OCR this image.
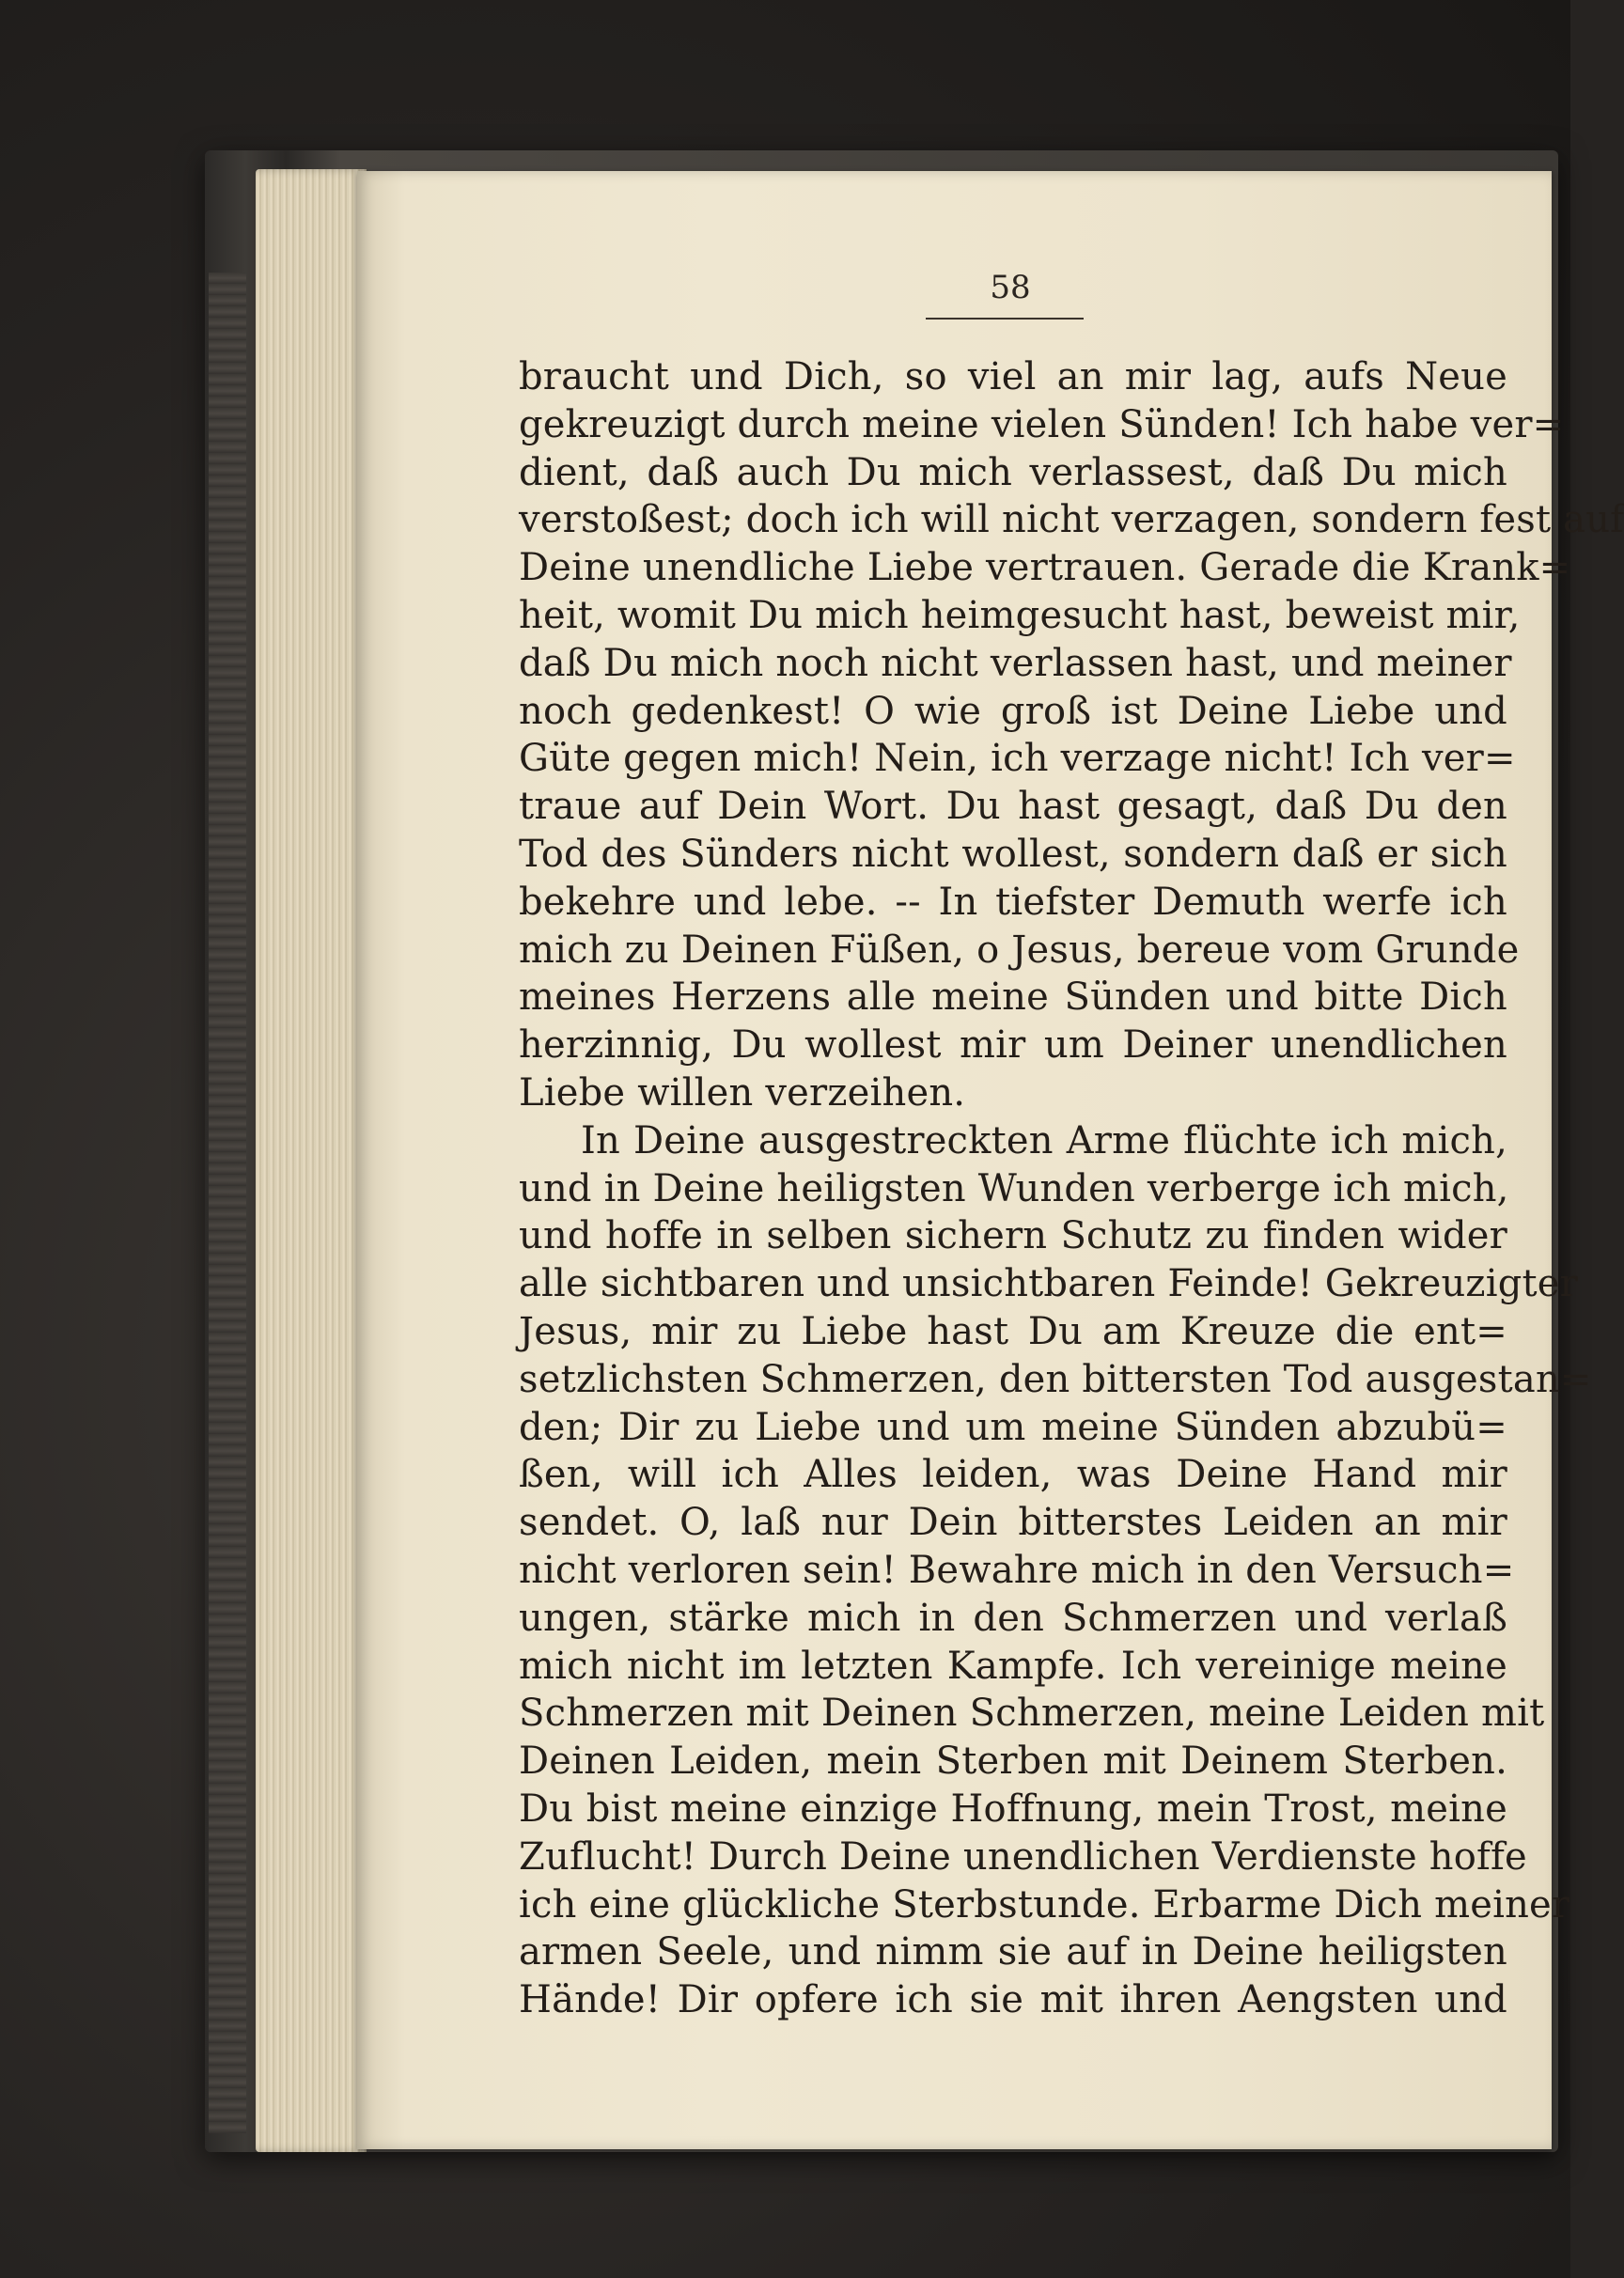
58
braucht und Dich, so viel an mir lag, aufs Neue
gekreuzigt durch meine vielen Sünden! Ich habe ver=
dient, daß auch Du mich verlassest, daß Du mich
verstoßest; doch ich will nicht verzagen, sondern fest auf
Deine unendliche Liebe vertrauen. Gerade die Krank=
heit, womit Du mich heimgesucht hast, beweist mir,
daß Du mich noch nicht verlassen hast, und meiner
noch gedenkest! O wie groß ist Deine Liebe und
Güte gegen mich! Nein, ich verzage nicht! Ich ver=
traue auf Dein Wort. Du hast gesagt, daß Du den
Tod des Sünders nicht wollest, sondern daß er sich
bekehre und lebe. -- In tiefster Demuth werfe ich
mich zu Deinen Füßen, o Jesus, bereue vom Grunde
meines Herzens alle meine Sünden und bitte Dich
herzinnig, Du wollest mir um Deiner unendlichen
Liebe willen verzeihen.
In Deine ausgestreckten Arme flüchte ich mich,
und in Deine heiligsten Wunden verberge ich mich,
und hoffe in selben sichern Schutz zu finden wider
alle sichtbaren und unsichtbaren Feinde! Gekreuzigter
Jesus, mir zu Liebe hast Du am Kreuze die ent=
setzlichsten Schmerzen, den bittersten Tod ausgestan=
den; Dir zu Liebe und um meine Sünden abzubü=
ßen, will ich Alles leiden, was Deine Hand mir
sendet. O, laß nur Dein bitterstes Leiden an mir
nicht verloren sein! Bewahre mich in den Versuch=
ungen, stärke mich in den Schmerzen und verlaß
mich nicht im letzten Kampfe. Ich vereinige meine
Schmerzen mit Deinen Schmerzen, meine Leiden mit
Deinen Leiden, mein Sterben mit Deinem Sterben.
Du bist meine einzige Hoffnung, mein Trost, meine
Zuflucht! Durch Deine unendlichen Verdienste hoffe
ich eine glückliche Sterbstunde. Erbarme Dich meiner
armen Seele, und nimm sie auf in Deine heiligsten
Hände! Dir opfere ich sie mit ihren Aengsten und
